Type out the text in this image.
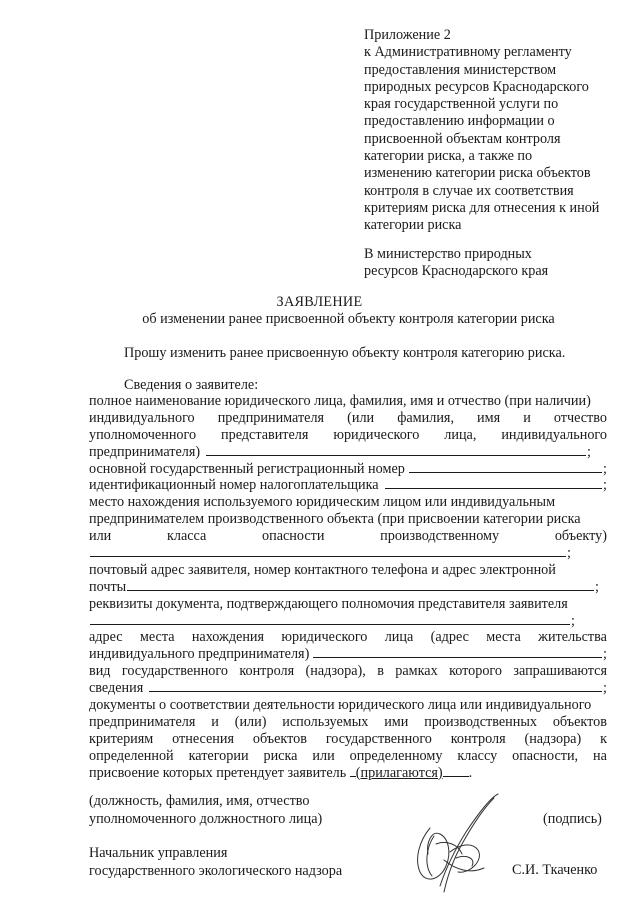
Приложение 2
к Административному регламенту
предоставления министерством
природных ресурсов Краснодарского
края государственной услуги по
предоставлению информации о
присвоенной объектам контроля
категории риска, а также по
изменению категории риска объектов
контроля в случае их соответствия
критериям риска для отнесения к иной
категории риска
В министерство природных
ресурсов Краснодарского края
ЗАЯВЛЕНИЕ
об изменении ранее присвоенной объекту контроля категории риска
Прошу изменить ранее присвоенную объекту контроля категорию риска.
Сведения о заявителе:
полное наименование юридического лица, фамилия, имя и отчество (при наличии)
индивидуального предпринимателя (или фамилия, имя и отчество
уполномоченного представителя юридического лица, индивидуального
предпринимателя)	;
основной государственный регистрационный номер	;
идентификационный номер налогоплательщика	;
место нахождения используемого юридическим лицом или индивидуальным
предпринимателем производственного объекта (при присвоении категории риска
или	класса	опасности	производственному	объекту)
;
почтовый адрес заявителя, номер контактного телефона и адрес электронной
почты	;
реквизиты документа, подтверждающего полномочия представителя заявителя
;
адрес места нахождения юридического лица (адрес места жительства
индивидуального предпринимателя)	;
вид государственного контроля (надзора), в рамках которого запрашиваются
сведения	;
документы о соответствии деятельности юридического лица или индивидуального
предпринимателя и (или) используемых ими производственных объектов
критериям отнесения объектов государственного контроля (надзора) к
определенной категории риска или определенному классу опасности, на
присвоение которых претендует заявитель (прилагаются) .
(должность, фамилия, имя, отчество
уполномоченного должностного лица)	(подпись)
Начальник управления
государственного экологического надзора	С.И. Ткаченко
